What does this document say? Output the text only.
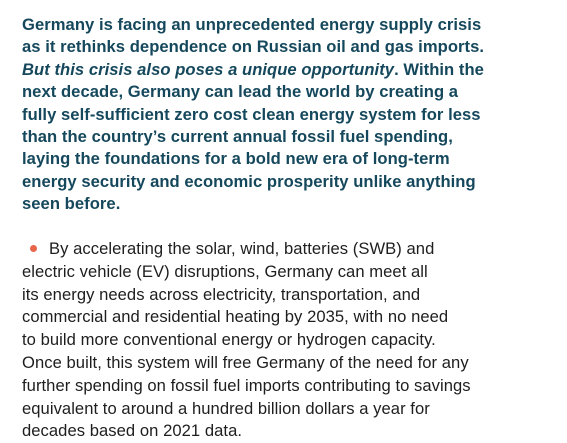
Germany is facing an unprecedented energy supply crisis
as it rethinks dependence on Russian oil and gas imports.
But this crisis also poses a unique opportunity. Within the
next decade, Germany can lead the world by creating a
fully self-sufficient zero cost clean energy system for less
than the country’s current annual fossil fuel spending,
laying the foundations for a bold new era of long-term
energy security and economic prosperity unlike anything
seen before.

By accelerating the solar, wind, batteries (SWB) and
electric vehicle (EV) disruptions, Germany can meet all
its energy needs across electricity, transportation, and
commercial and residential heating by 2035, with no need
to build more conventional energy or hydrogen capacity.
Once built, this system will free Germany of the need for any
further spending on fossil fuel imports contributing to savings
equivalent to around a hundred billion dollars a year for
decades based on 2021 data.
